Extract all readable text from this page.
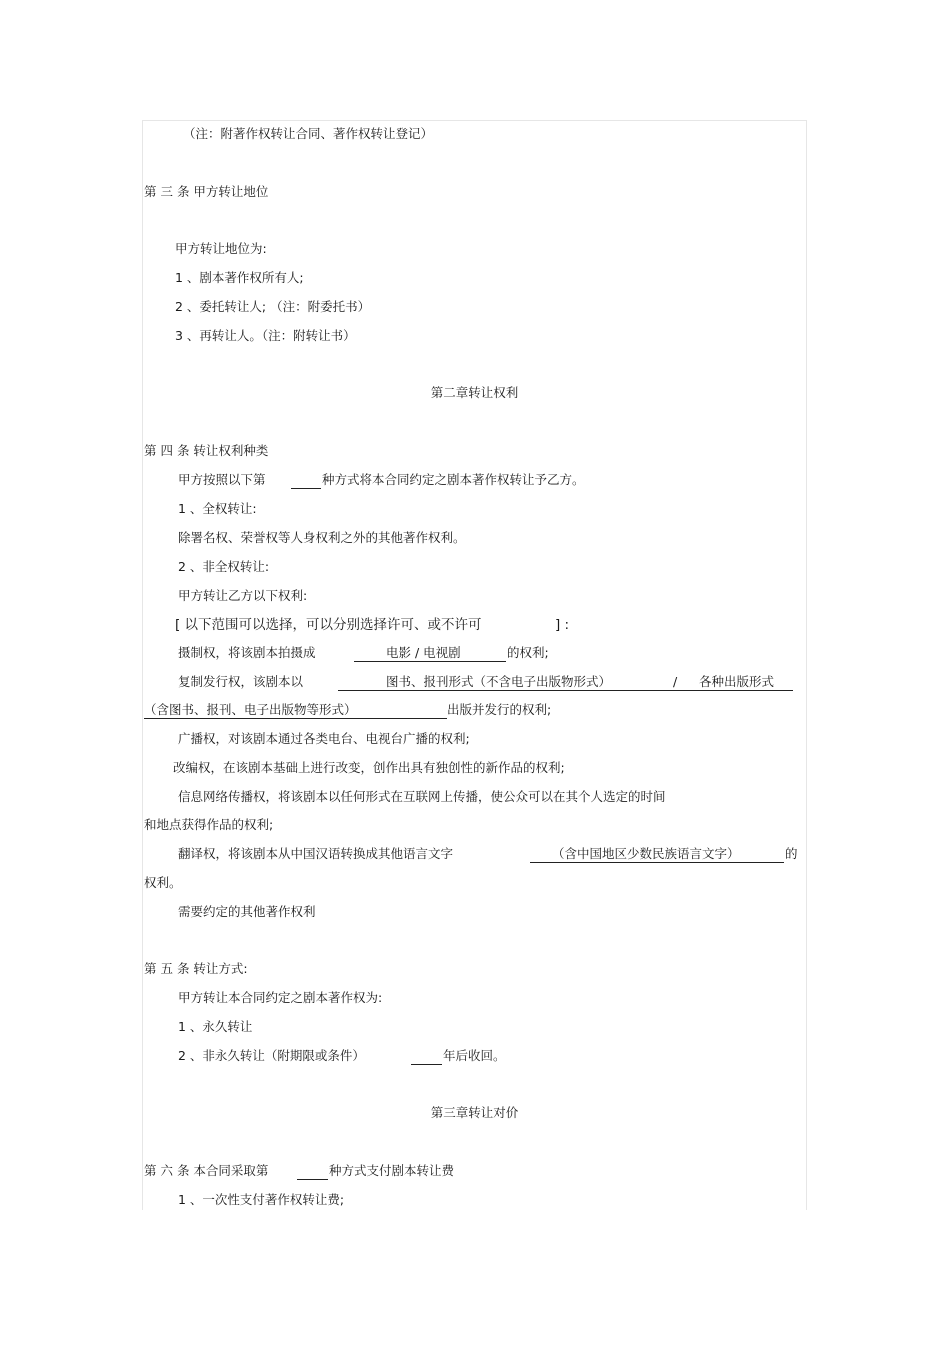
（注：附著作权转让合同、著作权转让登记）
第 三 条 甲方转让地位
甲方转让地位为:
1 、剧本著作权所有人;
2 、委托转让人; （注：附委托书）
3 、再转让人。（注：附转让书）
第二章转让权利
第 四 条 转让权利种类
甲方按照以下第	种方式将本合同约定之剧本著作权转让予乙方。
1 、全权转让:
除署名权、荣誉权等人身权利之外的其他著作权利。
2 、非全权转让:
甲方转让乙方以下权利:
[ 以下范围可以选择，可以分别选择许可、或不许可	] :
摄制权，将该剧本拍摄成	电影 / 电视剧	的权利;
复制发行权，该剧本以	图书、报刊形式（不含电子出版物形式）	/ 各种出版形式
（含图书、报刊、电子出版物等形式）	出版并发行的权利;
广播权，对该剧本通过各类电台、电视台广播的权利;
改编权，在该剧本基础上进行改变，创作出具有独创性的新作品的权利;
信息网络传播权，将该剧本以任何形式在互联网上传播，使公众可以在其个人选定的时间
和地点获得作品的权利;
翻译权，将该剧本从中国汉语转换成其他语言文字	（含中国地区少数民族语言文字）	的
权利。
需要约定的其他著作权利
第 五 条 转让方式:
甲方转让本合同约定之剧本著作权为:
1 、永久转让
2 、非永久转让（附期限或条件）	年后收回。
第三章转让对价
第 六 条 本合同采取第	种方式支付剧本转让费
1 、一次性支付著作权转让费;
